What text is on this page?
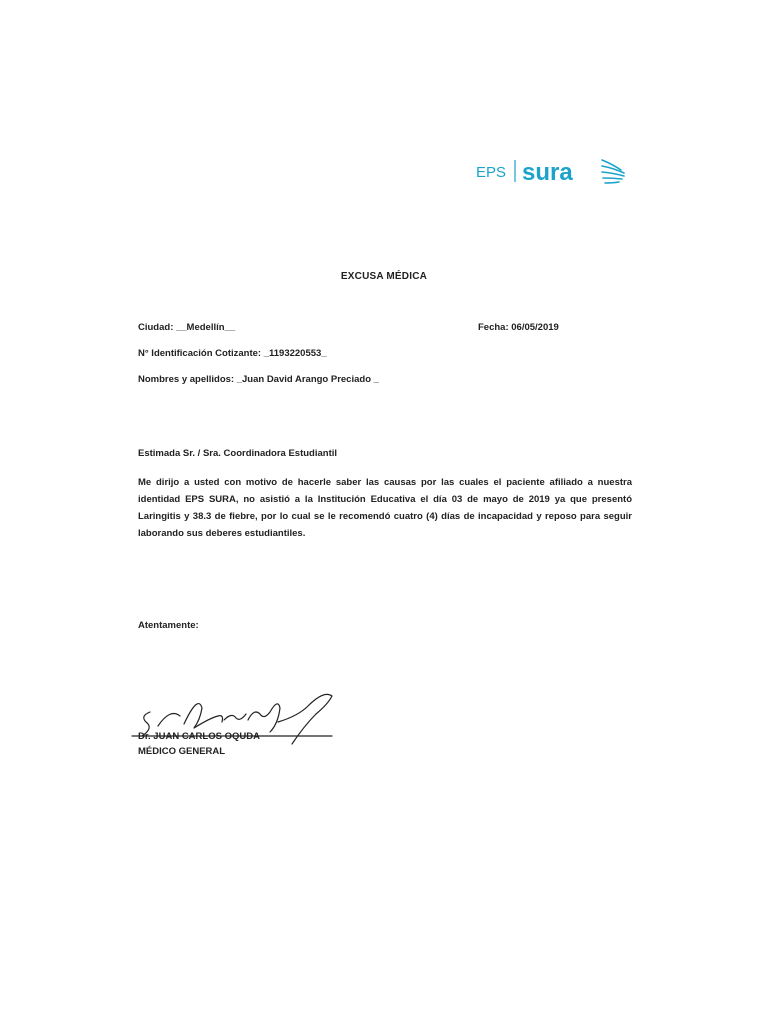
EPS sura
EXCUSA MÉDICA
Ciudad: __Medellín__	Fecha: 06/05/2019
N° Identificación Cotizante: _1193220553_
Nombres y apellidos: _Juan David Arango Preciado _
Estimada Sr. / Sra. Coordinadora Estudiantil
Me dirijo a usted con motivo de hacerle saber las causas por las cuales el paciente afiliado a nuestra identidad EPS SURA, no asistió a la Institución Educativa el día 03 de mayo de 2019 ya que presentó Laringitis y 38.3 de fiebre, por lo cual se le recomendó cuatro (4) días de incapacidad y reposo para seguir laborando sus deberes estudiantiles.
Atentamente:
Dr. JUAN CARLOS OQUDA
MÉDICO GENERAL
